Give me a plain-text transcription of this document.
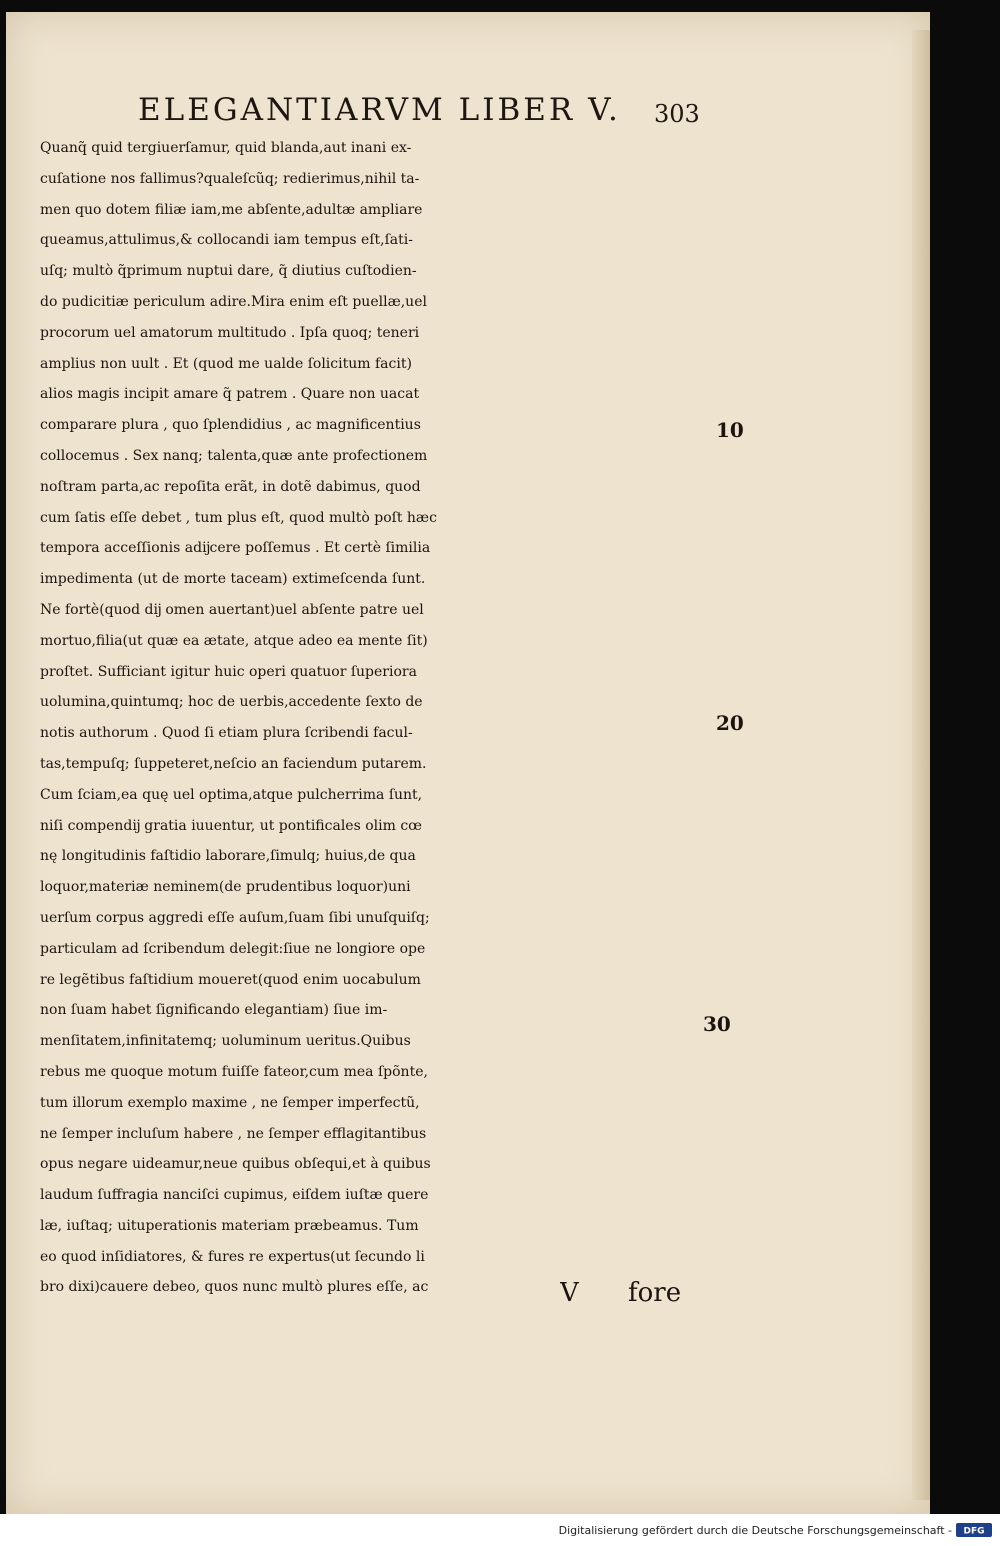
ELEGANTIARVM LIBER V. 303
Quanq̃ quid tergiuerſamur, quid blanda,aut inani ex-
cuſatione nos fallimus?qualeſcũq; redierimus,nihil ta-
men quo dotem filiæ iam,me abſente,adultæ ampliare
queamus,attulimus,& collocandi iam tempus eſt,ſati-
uſq; multò q̃primum nuptui dare, q̃ diutius cuſtodien-
do pudicitiæ periculum adire.Mira enim eſt puellæ,uel
procorum uel amatorum multitudo . Ipſa quoq; teneri
amplius non uult . Et (quod me ualde ſolicitum facit)
alios magis incipit amare q̃ patrem . Quare non uacat
comparare plura , quo ſplendidius , ac magnificentius
collocemus . Sex nanq; talenta,quæ ante profectionem
noſtram parta,ac repoſita erãt, in dotẽ dabimus, quod
cum ſatis eſſe debet , tum plus eſt, quod multò poſt hæc
tempora acceſſionis adĳcere poſſemus . Et certè ſimilia
impedimenta (ut de morte taceam) extimeſcenda ſunt.
Ne fortè(quod dĳ omen auertant)uel abſente patre uel
mortuo,filia(ut quæ ea ætate, atque adeo ea mente ſit)
proſtet. Sufficiant igitur huic operi quatuor ſuperiora
uolumina,quintumq; hoc de uerbis,accedente ſexto de
notis authorum . Quod ſi etiam plura ſcribendi facul-
tas,tempuſq; ſuppeteret,neſcio an faciendum putarem.
Cum ſciam,ea quę uel optima,atque pulcherrima ſunt,
niſi compendĳ gratia iuuentur, ut pontificales olim cœ
nę longitudinis faſtidio laborare,ſimulq; huius,de qua
loquor,materiæ neminem(de prudentibus loquor)uni
uerſum corpus aggredi eſſe auſum,ſuam ſibi unuſquiſq;
particulam ad ſcribendum delegit:ſiue ne longiore ope
re legẽtibus faſtidium moueret(quod enim uocabulum
non ſuam habet ſignificando elegantiam) ſiue im-
menſitatem,infinitatemq; uoluminum ueritus.Quibus
rebus me quoque motum fuiſſe fateor,cum mea ſpõnte,
tum illorum exemplo maxime , ne ſemper imperfectũ,
ne ſemper incluſum habere , ne ſemper efflagitantibus
opus negare uideamur,neue quibus obſequi,et à quibus
laudum ſuffragia nanciſci cupimus, eiſdem iuſtæ quere
læ, iuſtaq; uituperationis materiam præbeamus. Tum
eo quod inſidiatores, & fures re expertus(ut ſecundo li
bro dixi)cauere debeo, quos nunc multò plures eſſe, ac
10
20
30
V fore
Digitalisierung gefördert durch die Deutsche Forschungsgemeinschaft - DFG
